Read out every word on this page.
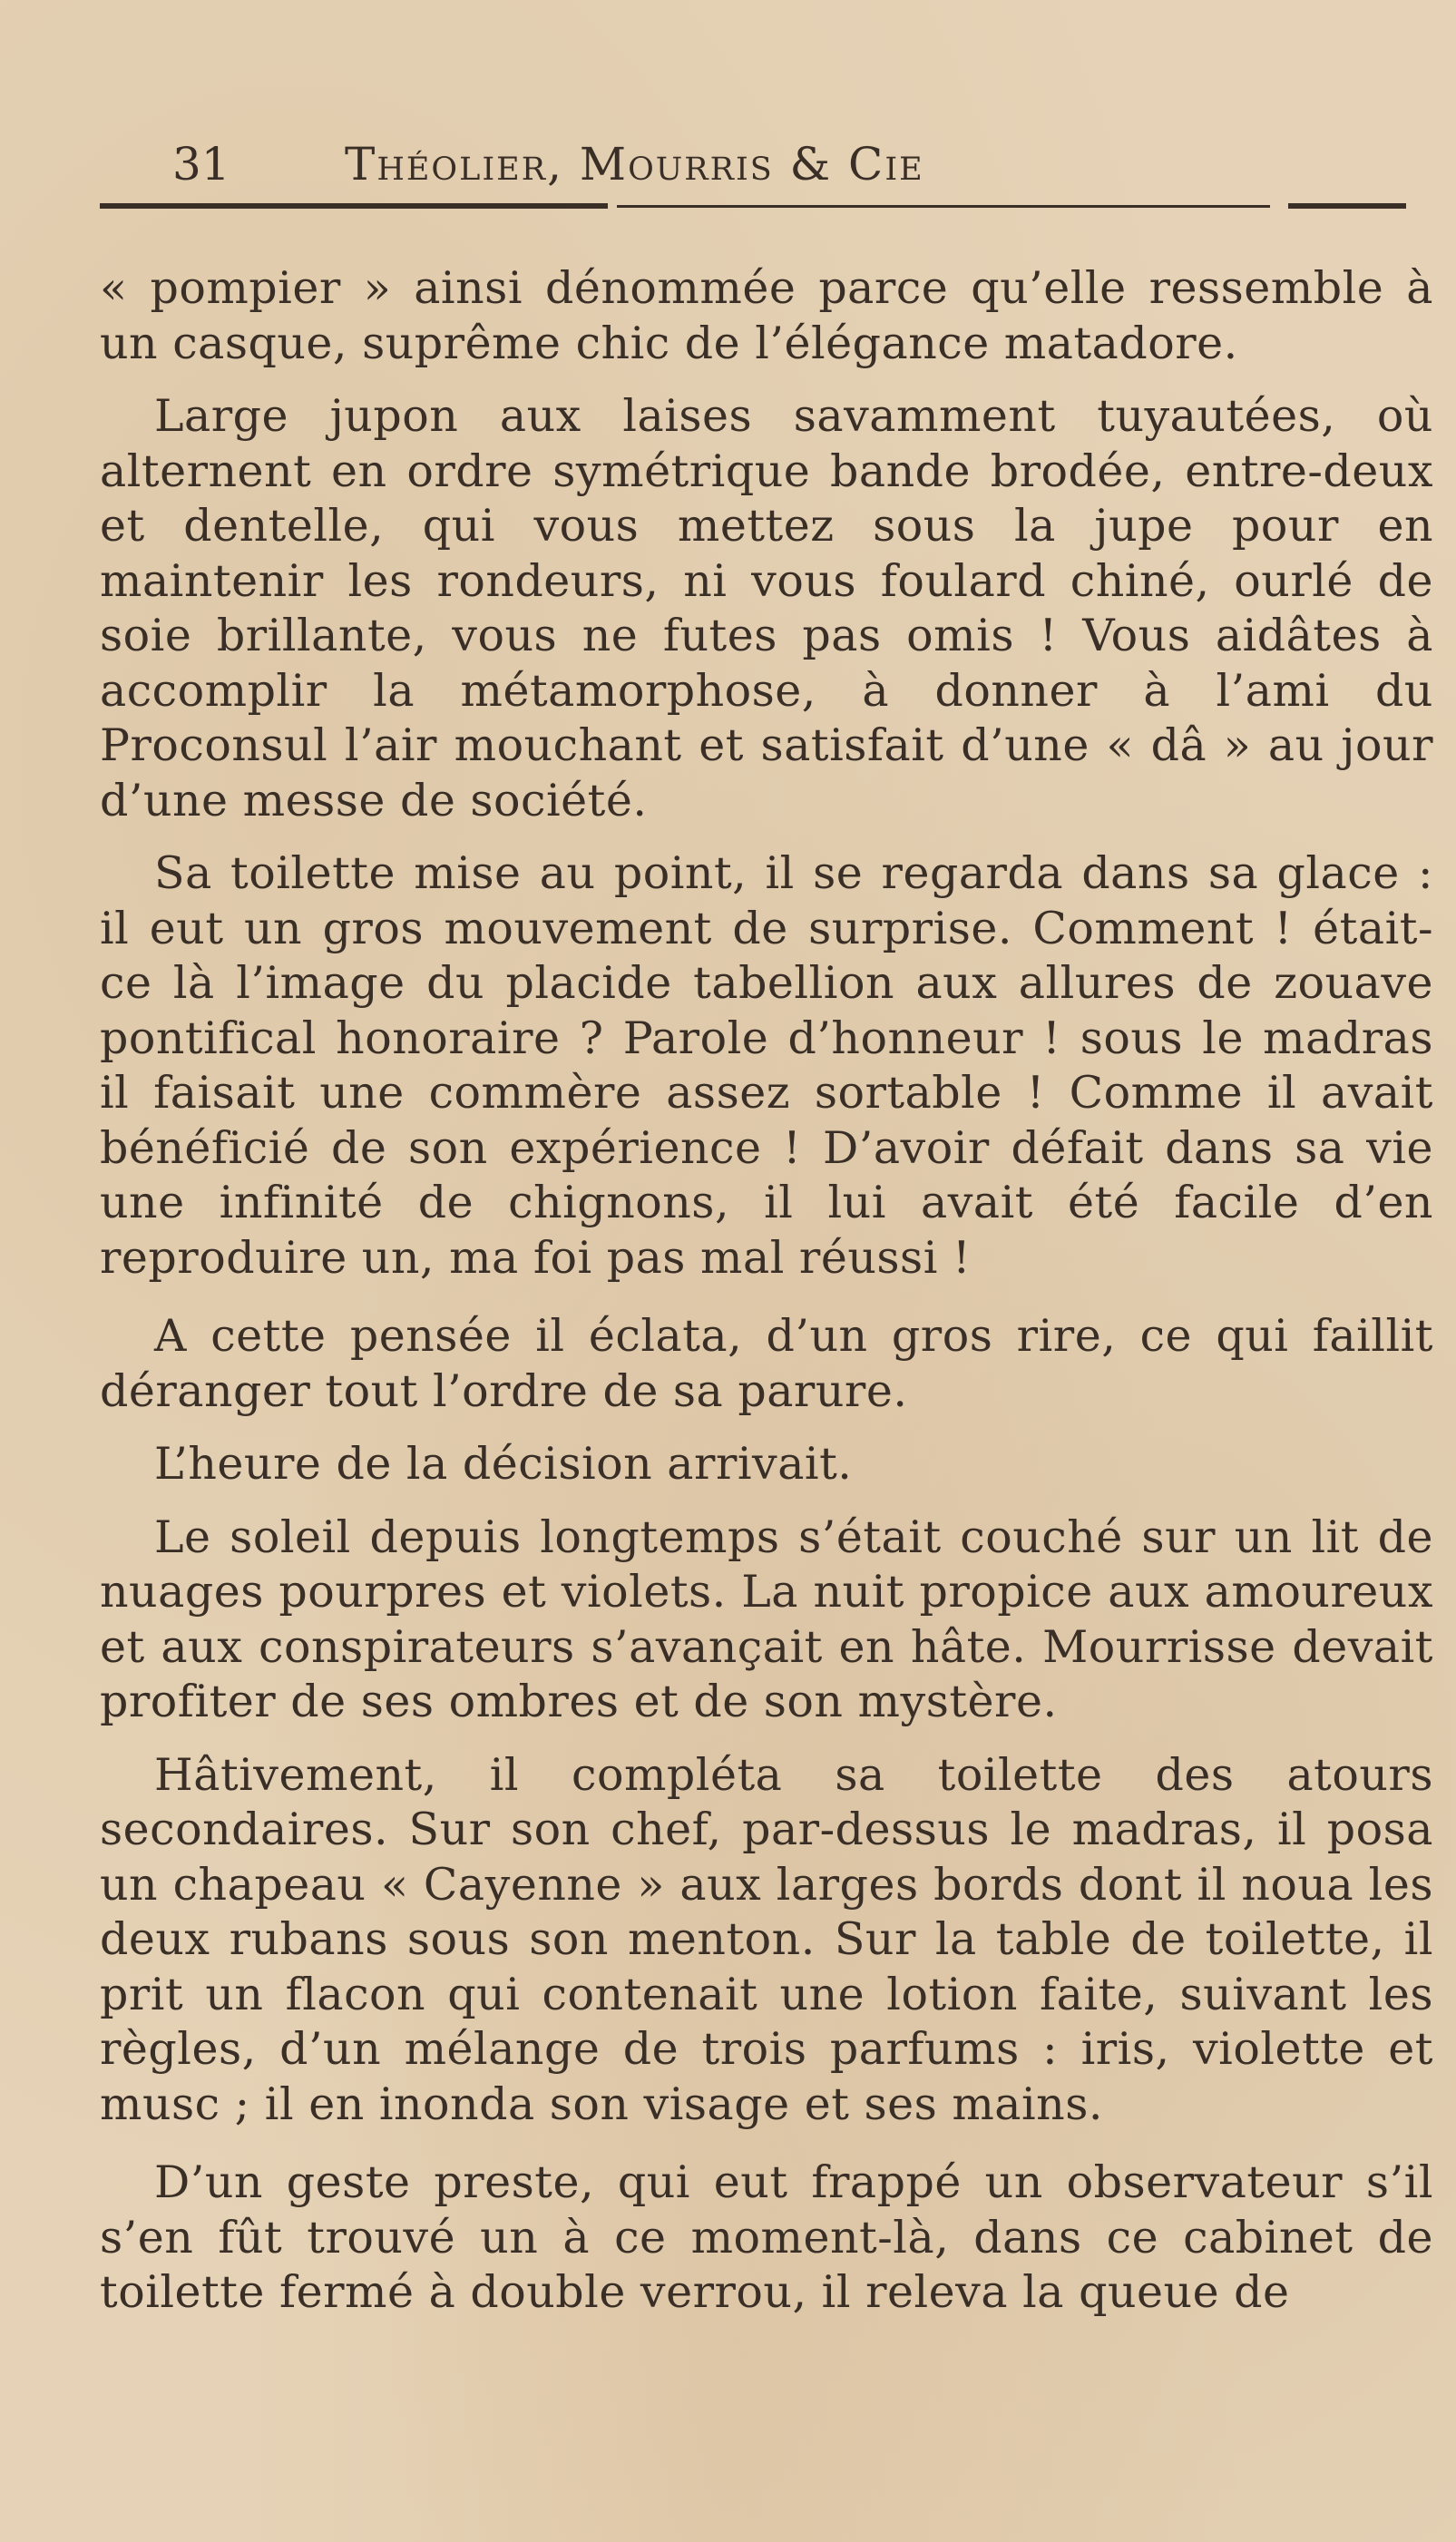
31	Théolier, Mourris & Cie

« pompier » ainsi dénommée parce qu’elle ressemble à un casque, suprême chic de l’élégance matadore.

Large jupon aux laises savamment tuyautées, où alternent en ordre symétrique bande brodée, entre-deux et dentelle, qui vous mettez sous la jupe pour en maintenir les rondeurs, ni vous foulard chiné, ourlé de soie brillante, vous ne futes pas omis ! Vous aidâtes à accomplir la métamorphose, à donner à l’ami du Proconsul l’air mouchant et satisfait d’une « dâ » au jour d’une messe de société.

Sa toilette mise au point, il se regarda dans sa glace : il eut un gros mouvement de surprise. Comment ! était-ce là l’image du placide tabellion aux allures de zouave pontifical honoraire ? Parole d’honneur ! sous le madras il faisait une commère assez sortable ! Comme il avait bénéficié de son expérience ! D’avoir défait dans sa vie une infinité de chignons, il lui avait été facile d’en reproduire un, ma foi pas mal réussi !

A cette pensée il éclata, d’un gros rire, ce qui faillit déranger tout l’ordre de sa parure.

L’heure de la décision arrivait.

Le soleil depuis longtemps s’était couché sur un lit de nuages pourpres et violets. La nuit propice aux amoureux et aux conspirateurs s’avançait en hâte. Mourrisse devait profiter de ses ombres et de son mystère.

Hâtivement, il compléta sa toilette des atours secondaires. Sur son chef, par-dessus le madras, il posa un chapeau « Cayenne » aux larges bords dont il noua les deux rubans sous son menton. Sur la table de toilette, il prit un flacon qui contenait une lotion faite, suivant les règles, d’un mélange de trois parfums : iris, violette et musc ; il en inonda son visage et ses mains.

D’un geste preste, qui eut frappé un observateur s’il s’en fût trouvé un à ce moment-là, dans ce cabinet de toilette fermé à double verrou, il releva la queue de
